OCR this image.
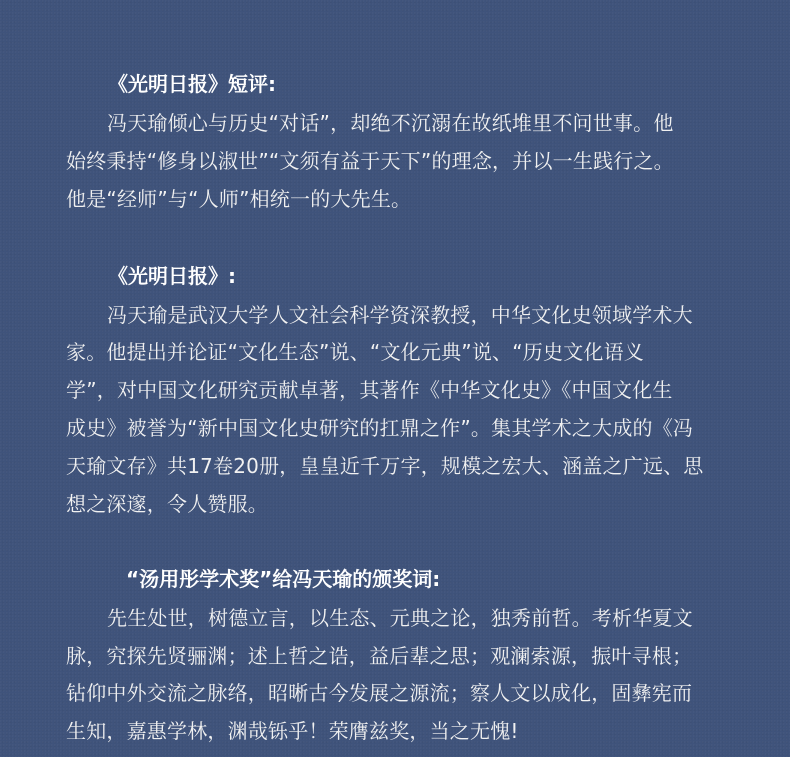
《光明日报》短评:
冯天瑜倾心与历史“对话”，却绝不沉溺在故纸堆里不问世事。他
始终秉持“修身以淑世”“文须有益于天下”的理念，并以一生践行之。
他是“经师”与“人师”相统一的大先生。
《光明日报》:
冯天瑜是武汉大学人文社会科学资深教授，中华文化史领域学术大
家。他提出并论证“文化生态”说、“文化元典”说、“历史文化语义
学”，对中国文化研究贡献卓著，其著作《中华文化史》《中国文化生
成史》被誉为“新中国文化史研究的扛鼎之作”。集其学术之大成的《冯
天瑜文存》共17卷20册，皇皇近千万字，规模之宏大、涵盖之广远、思
想之深邃，令人赞服。
“汤用彤学术奖”给冯天瑜的颁奖词:
先生处世，树德立言，以生态、元典之论，独秀前哲。考析华夏文
脉，究探先贤骊渊；述上哲之诰，益后辈之思；观澜索源，振叶寻根；
钻仰中外交流之脉络，昭晰古今发展之源流；察人文以成化，固彝宪而
生知，嘉惠学林，渊哉铄乎！荣膺兹奖，当之无愧!
